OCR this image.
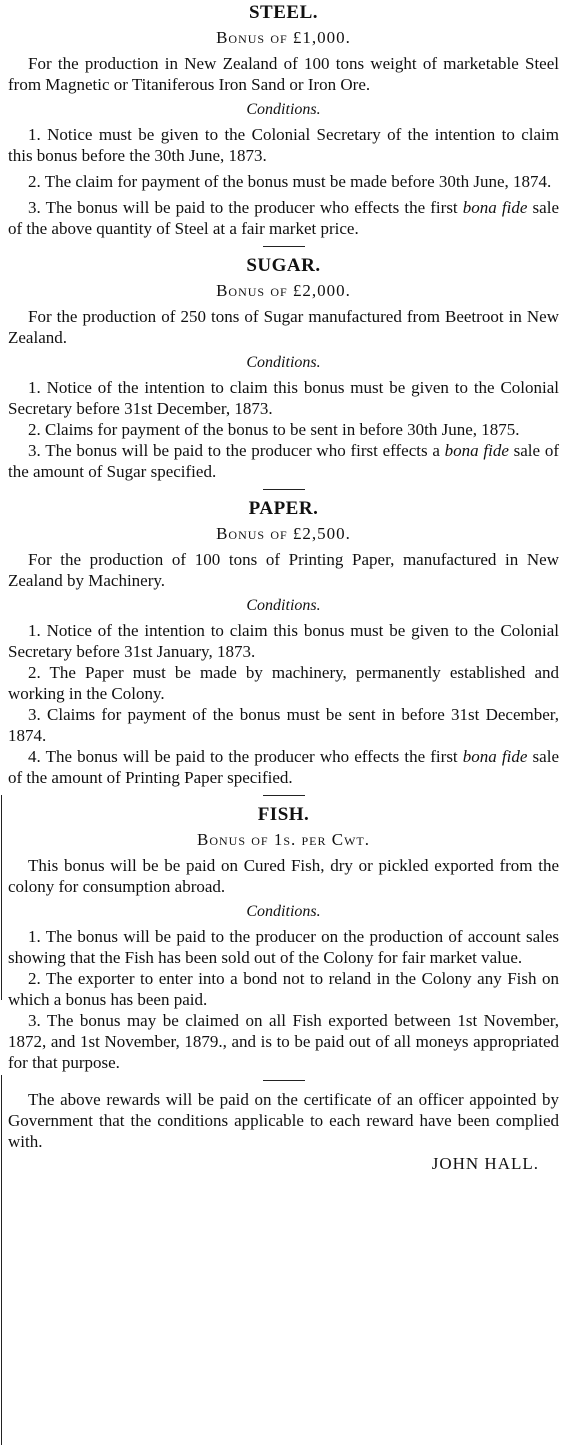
STEEL.
Bonus of £1,000.

For the production in New Zealand of 100 tons weight of marketable Steel from Magnetic or Titaniferous Iron Sand or Iron Ore.

Conditions.

1. Notice must be given to the Colonial Secretary of the intention to claim this bonus before the 30th June, 1873.

2. The claim for payment of the bonus must be made before 30th June, 1874.

3. The bonus will be paid to the producer who effects the first bona fide sale of the above quantity of Steel at a fair market price.

SUGAR.
Bonus of £2,000.

For the production of 250 tons of Sugar manufactured from Beetroot in New Zealand.

Conditions.

1. Notice of the intention to claim this bonus must be given to the Colonial Secretary before 31st December, 1873.

2. Claims for payment of the bonus to be sent in before 30th June, 1875.

3. The bonus will be paid to the producer who first effects a bona fide sale of the amount of Sugar specified.

PAPER.
Bonus of £2,500.

For the production of 100 tons of Printing Paper, manufactured in New Zealand by Machinery.

Conditions.

1. Notice of the intention to claim this bonus must be given to the Colonial Secretary before 31st January, 1873.

2. The Paper must be made by machinery, permanently established and working in the Colony.

3. Claims for payment of the bonus must be sent in before 31st December, 1874.

4. The bonus will be paid to the producer who effects the first bona fide sale of the amount of Printing Paper specified.

FISH.
Bonus of 1s. per Cwt.

This bonus will be be paid on Cured Fish, dry or pickled exported from the colony for consumption abroad.

Conditions.

1. The bonus will be paid to the producer on the production of account sales showing that the Fish has been sold out of the Colony for fair market value.

2. The exporter to enter into a bond not to reland in the Colony any Fish on which a bonus has been paid.

3. The bonus may be claimed on all Fish exported between 1st November, 1872, and 1st November, 1879., and is to be paid out of all moneys appropriated for that purpose.

The above rewards will be paid on the certificate of an officer appointed by Government that the conditions applicable to each reward have been complied with.

JOHN HALL.
